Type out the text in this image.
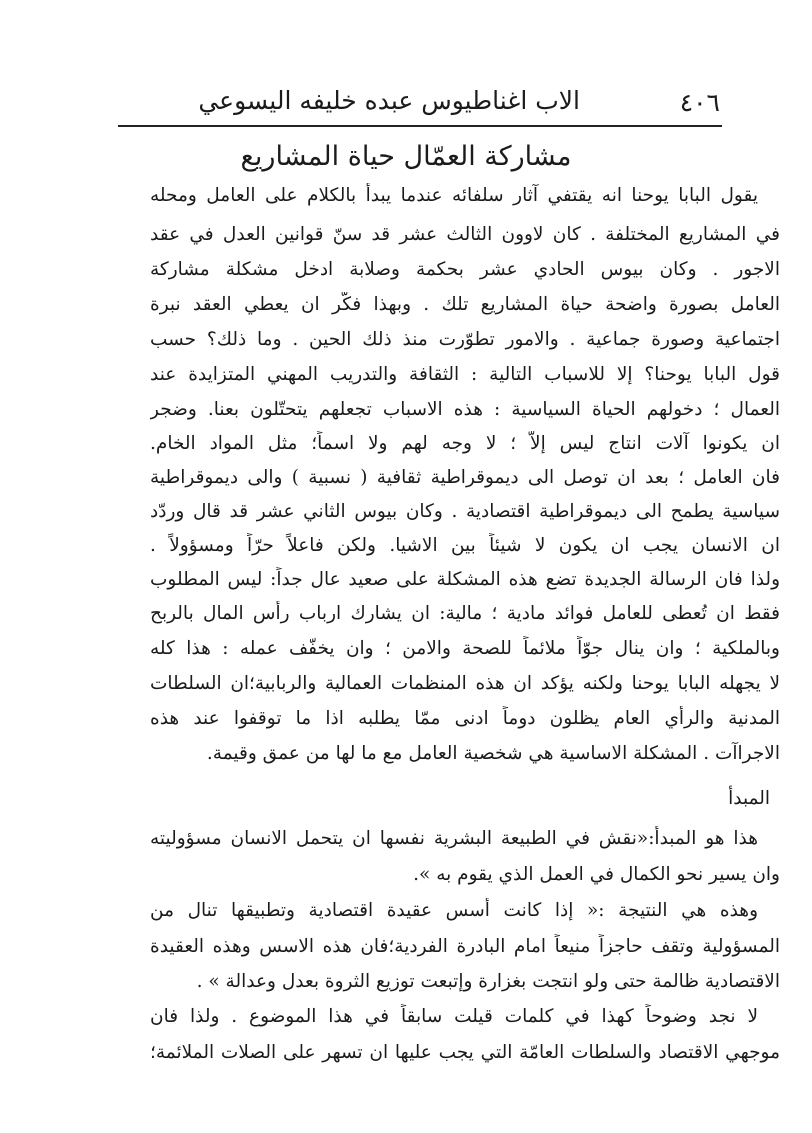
٤٠٦
الاب اغناطيوس عبده خليفه اليسوعي
مشاركة العمّال حياة المشاريع
يقول البابا يوحنا انه يقتفي آثار سلفائه عندما يبدأ بالكلام على العامل ومحله
في المشاريع المختلفة . كان لاوون الثالث عشر قد سنّ قوانين العدل في عقد
الاجور . وكان بيوس الحادي عشر بحكمة وصلابة ادخل مشكلة مشاركة
العامل بصورة واضحة حياة المشاريع تلك . وبهذا فكّر ان يعطي العقد نبرة
اجتماعية وصورة جماعية . والامور تطوّرت منذ ذلك الحين . وما ذلك؟ حسب
قول البابا يوحنا؟ إلا للاسباب التالية : الثقافة والتدريب المهني المتزايدة عند
العمال ؛ دخولهم الحياة السياسية : هذه الاسباب تجعلهم يتحتّلون بعنا. وضجر
ان يكونوا آلات انتاج ليس إلاّ ؛ لا وجه لهم ولا اسماً؛ مثل المواد الخام.
فان العامل ؛ بعد ان توصل الى ديموقراطية ثقافية ( نسبية ) والى ديموقراطية
سياسية يطمح الى ديموقراطية اقتصادية . وكان بيوس الثاني عشر قد قال وردّد
ان الانسان يجب ان يكون لا شيئاً بين الاشيا. ولكن فاعلاً حرّاً ومسؤولاً .
ولذا فان الرسالة الجديدة تضع هذه المشكلة على صعيد عال جداً: ليس المطلوب
فقط ان تُعطى للعامل فوائد مادية ؛ مالية: ان يشارك ارباب رأس المال بالربح
وبالملكية ؛ وان ينال جوّاً ملائماً للصحة والامن ؛ وان يخفّف عمله : هذا كله
لا يجهله البابا يوحنا ولكنه يؤكد ان هذه المنظمات العمالية والربابية؛ان السلطات
المدنية والرأي العام يظلون دوماً ادنى ممّا يطلبه اذا ما توقفوا عند هذه
الاجراآت . المشكلة الاساسية هي شخصية العامل مع ما لها من عمق وقيمة.
المبدأ
هذا هو المبدأ:«نقش في الطبيعة البشرية نفسها ان يتحمل الانسان مسؤوليته
وان يسير نحو الكمال في العمل الذي يقوم به ».
وهذه هي النتيجة :« إذا كانت أسس عقيدة اقتصادية وتطبيقها تنال من
المسؤولية وتقف حاجزاً منيعاً امام البادرة الفردية؛فان هذه الاسس وهذه العقيدة
الاقتصادية ظالمة حتى ولو انتجت بغزارة وإتبعت توزيع الثروة بعدل وعدالة » .
لا نجد وضوحاً كهذا في كلمات قيلت سابقاً في هذا الموضوع . ولذا فان
موجهي الاقتصاد والسلطات العامّة التي يجب عليها ان تسهر على الصلات الملائمة؛
